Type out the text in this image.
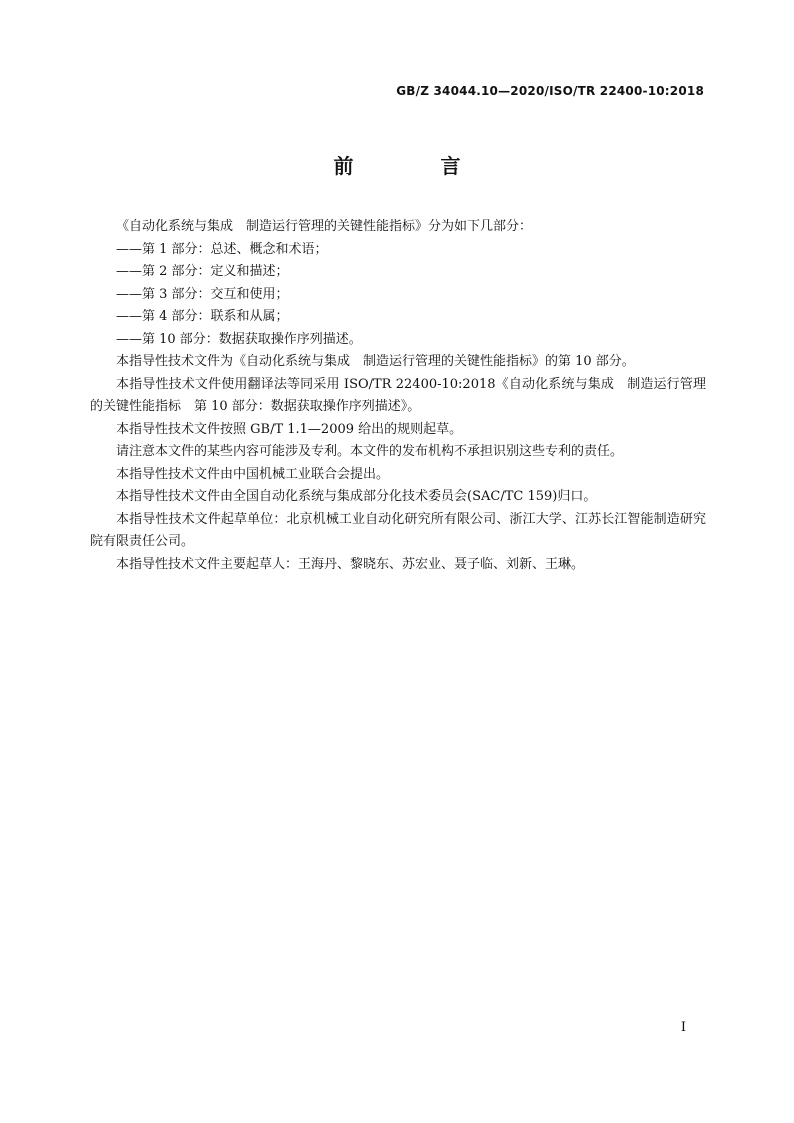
GB/Z 34044.10—2020/ISO/TR 22400-10:2018
前 言

《自动化系统与集成　制造运行管理的关键性能指标》分为如下几部分：

——第 1 部分：总述、概念和术语；

——第 2 部分：定义和描述；

——第 3 部分：交互和使用；

——第 4 部分：联系和从属；

——第 10 部分：数据获取操作序列描述。

本指导性技术文件为《自动化系统与集成　制造运行管理的关键性能指标》的第 10 部分。

本指导性技术文件使用翻译法等同采用 ISO/TR 22400-10:2018《自动化系统与集成　制造运行管理的关键性能指标　第 10 部分：数据获取操作序列描述》。

本指导性技术文件按照 GB/T 1.1—2009 给出的规则起草。

请注意本文件的某些内容可能涉及专利。本文件的发布机构不承担识别这些专利的责任。

本指导性技术文件由中国机械工业联合会提出。

本指导性技术文件由全国自动化系统与集成部分化技术委员会(SAC/TC 159)归口。

本指导性技术文件起草单位：北京机械工业自动化研究所有限公司、浙江大学、江苏长江智能制造研究院有限责任公司。

本指导性技术文件主要起草人：王海丹、黎晓东、苏宏业、聂子临、刘新、王琳。

I
